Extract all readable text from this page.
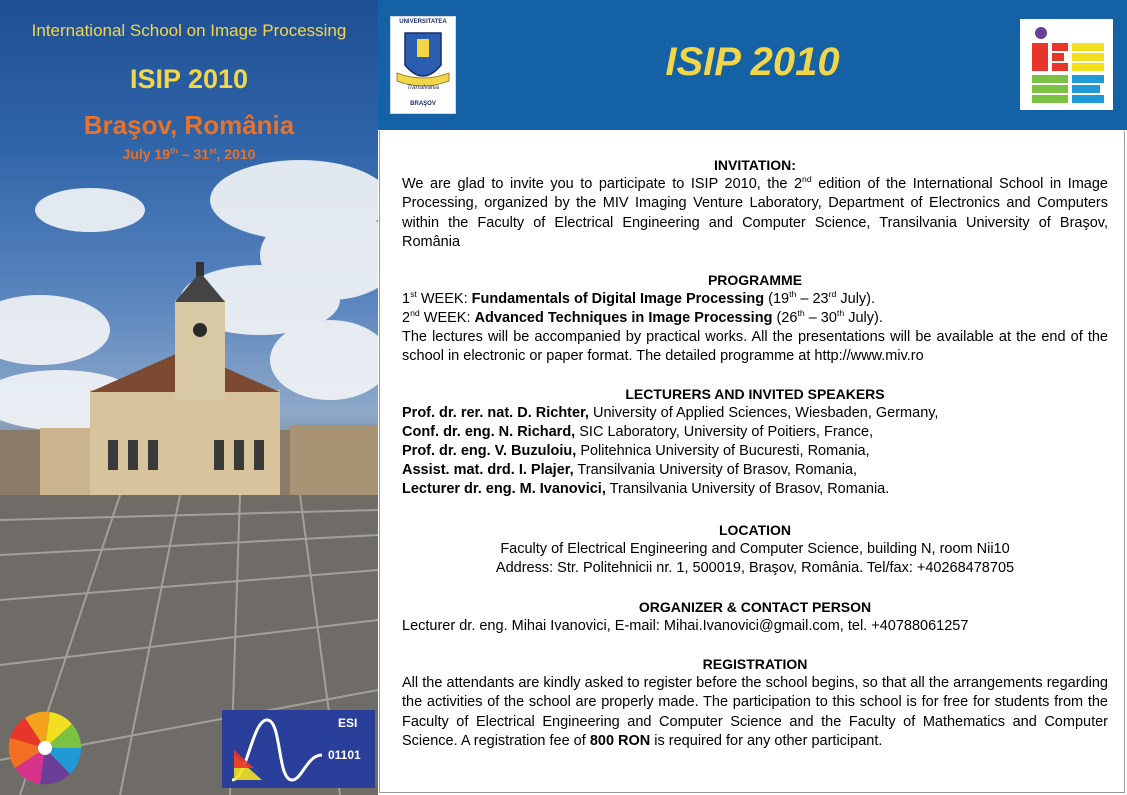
International School on Image Processing
ISIP 2010
Braşov, România
July 19th – 31st, 2010
ESI
01101
UNIVERSITATEA
Transilvania
BRAŞOV
ISIP 2010
INVITATION:
We are glad to invite you to participate to ISIP 2010, the 2nd edition of the International School in Image Processing, organized by the MIV Imaging Venture Laboratory, Department of Electronics and Computers within the Faculty of Electrical Engineering and Computer Science, Transilvania University of Braşov, România
PROGRAMME
1st WEEK: Fundamentals of Digital Image Processing (19th – 23rd July).
2nd WEEK: Advanced Techniques in Image Processing (26th – 30th July).
The lectures will be accompanied by practical works. All the presentations will be available at the end of the school in electronic or paper format. The detailed programme at http://www.miv.ro
LECTURERS AND INVITED SPEAKERS
Prof. dr. rer. nat. D. Richter, University of Applied Sciences, Wiesbaden, Germany,
Conf. dr. eng. N. Richard, SIC Laboratory, University of Poitiers, France,
Prof. dr. eng. V. Buzuloiu, Politehnica University of Bucuresti, Romania,
Assist. mat. drd. I. Plajer, Transilvania University of Brasov, Romania,
Lecturer dr. eng. M. Ivanovici, Transilvania University of Brasov, Romania.
LOCATION
Faculty of Electrical Engineering and Computer Science, building N, room Nii10
Address: Str. Politehnicii nr. 1, 500019, Braşov, România. Tel/fax: +40268478705
ORGANIZER & CONTACT PERSON
Lecturer dr. eng. Mihai Ivanovici, E-mail: Mihai.Ivanovici@gmail.com, tel. +40788061257
REGISTRATION
All the attendants are kindly asked to register before the school begins, so that all the arrangements regarding the activities of the school are properly made. The participation to this school is for free for students from the Faculty of Electrical Engineering and Computer Science and the Faculty of Mathematics and Computer Science. A registration fee of 800 RON is required for any other participant.
